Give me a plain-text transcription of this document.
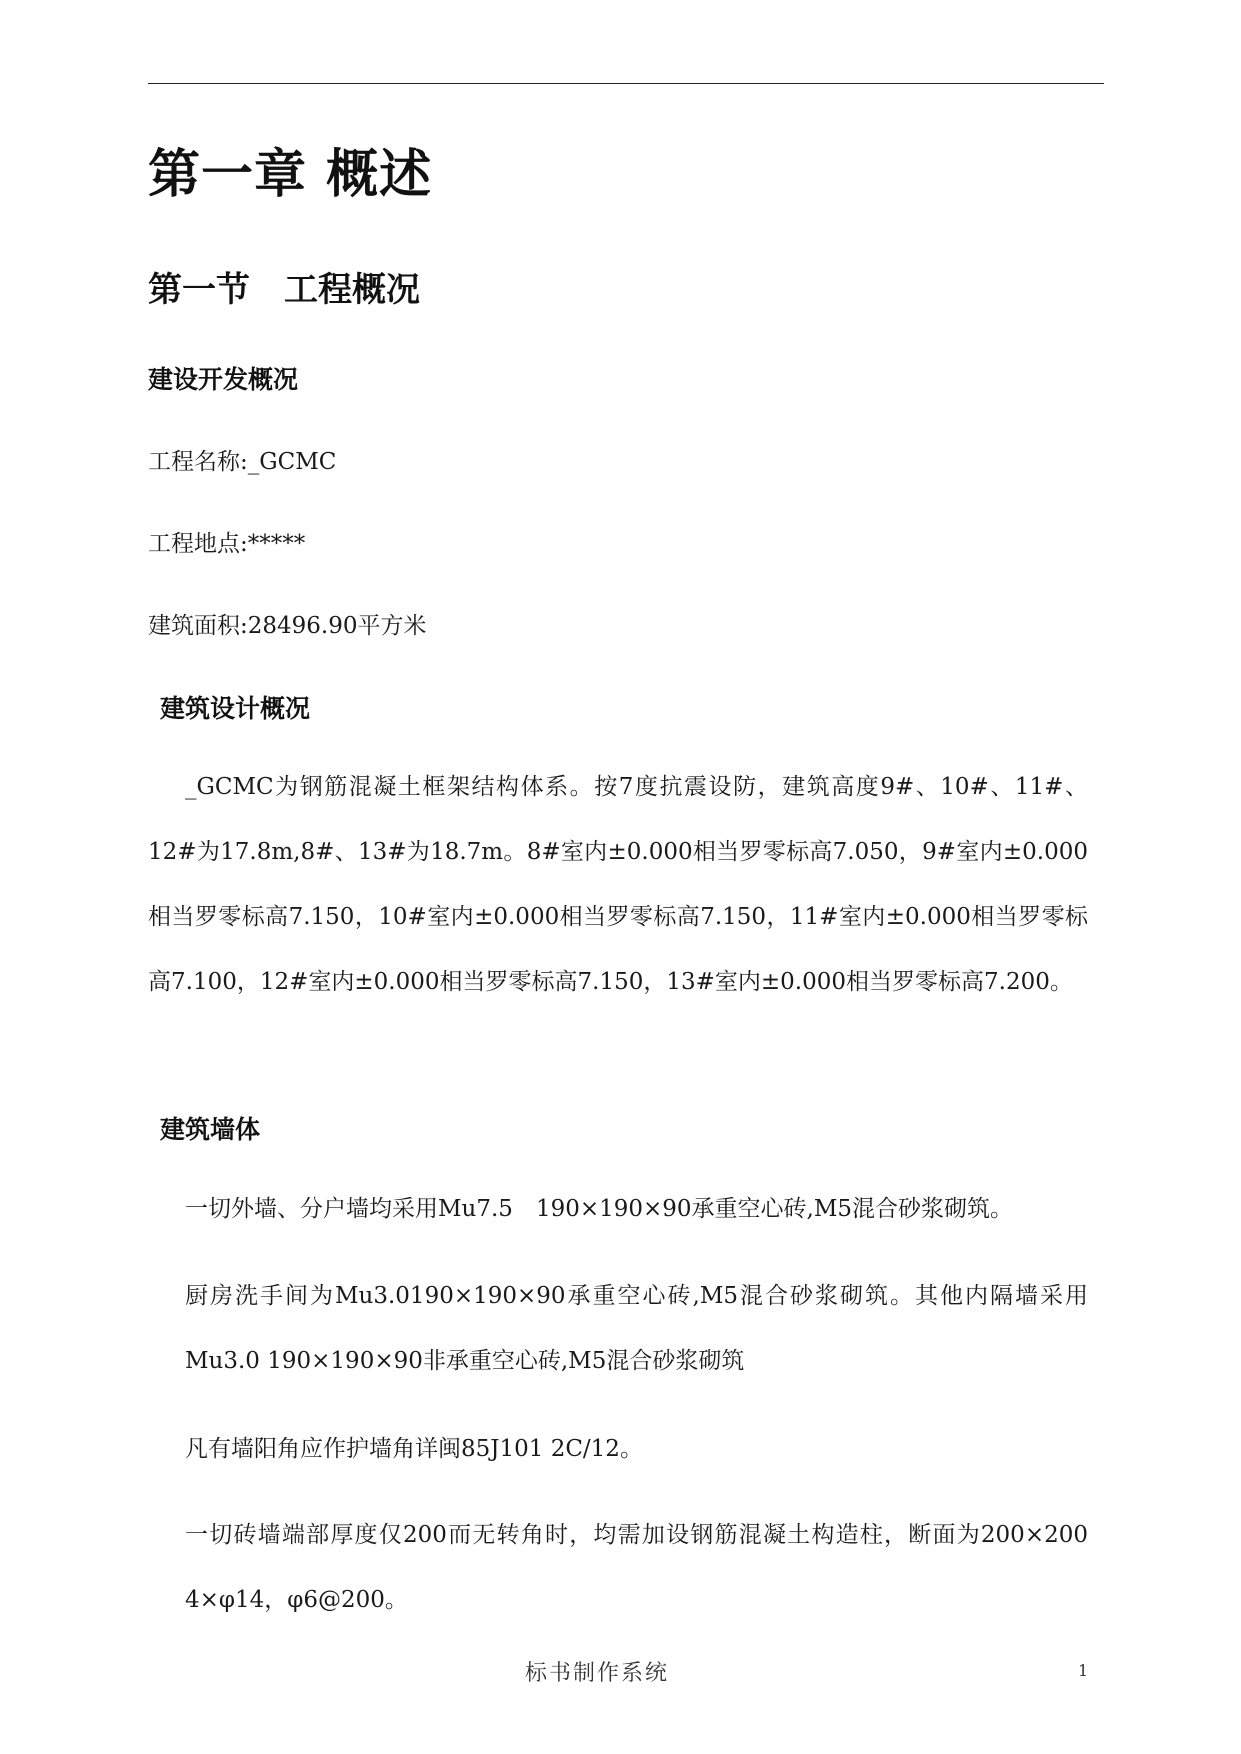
第一章 概述
第一节　工程概况
建设开发概况
工程名称:_GCMC
工程地点:*****
建筑面积:28496.90平方米
建筑设计概况
_GCMC为钢筋混凝土框架结构体系。按7度抗震设防，建筑高度9#、10#、11#、12#为17.8m,8#、13#为18.7m。8#室内±0.000相当罗零标高7.050，9#室内±0.000相当罗零标高7.150，10#室内±0.000相当罗零标高7.150，11#室内±0.000相当罗零标高7.100，12#室内±0.000相当罗零标高7.150，13#室内±0.000相当罗零标高7.200。
建筑墙体
一切外墙、分户墙均采用Mu7.5　190×190×90承重空心砖,M5混合砂浆砌筑。
厨房洗手间为Mu3.0190×190×90承重空心砖,M5混合砂浆砌筑。其他内隔墙采用Mu3.0 190×190×90非承重空心砖,M5混合砂浆砌筑
凡有墙阳角应作护墙角详闽85J101 2C/12。
一切砖墙端部厚度仅200而无转角时，均需加设钢筋混凝土构造柱，断面为200×200 4×φ14，φ6@200。
标书制作系统	1
